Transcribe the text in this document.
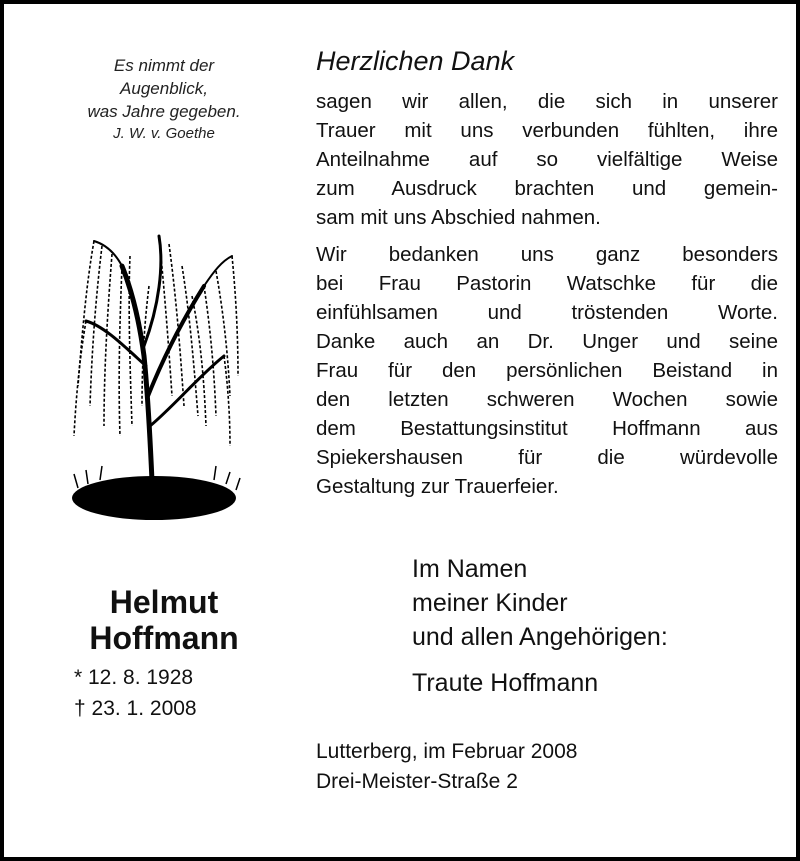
Es nimmt der
Augenblick,
was Jahre gegeben.
J. W. v. Goethe
Helmut
Hoffmann
* 12. 8. 1928
† 23. 1. 2008
Herzlichen Dank
sagen wir allen, die sich in unserer
Trauer mit uns verbunden fühlten, ihre
Anteilnahme auf so vielfältige Weise
zum Ausdruck brachten und gemein-
sam mit uns Abschied nahmen.
Wir bedanken uns ganz besonders
bei Frau Pastorin Watschke für die
einfühlsamen und tröstenden Worte.
Danke auch an Dr. Unger und seine
Frau für den persönlichen Beistand in
den letzten schweren Wochen sowie
dem Bestattungsinstitut Hoffmann aus
Spiekershausen für die würdevolle
Gestaltung zur Trauerfeier.
Im Namen
meiner Kinder
und allen Angehörigen:
Traute Hoffmann
Lutterberg, im Februar 2008
Drei-Meister-Straße 2
